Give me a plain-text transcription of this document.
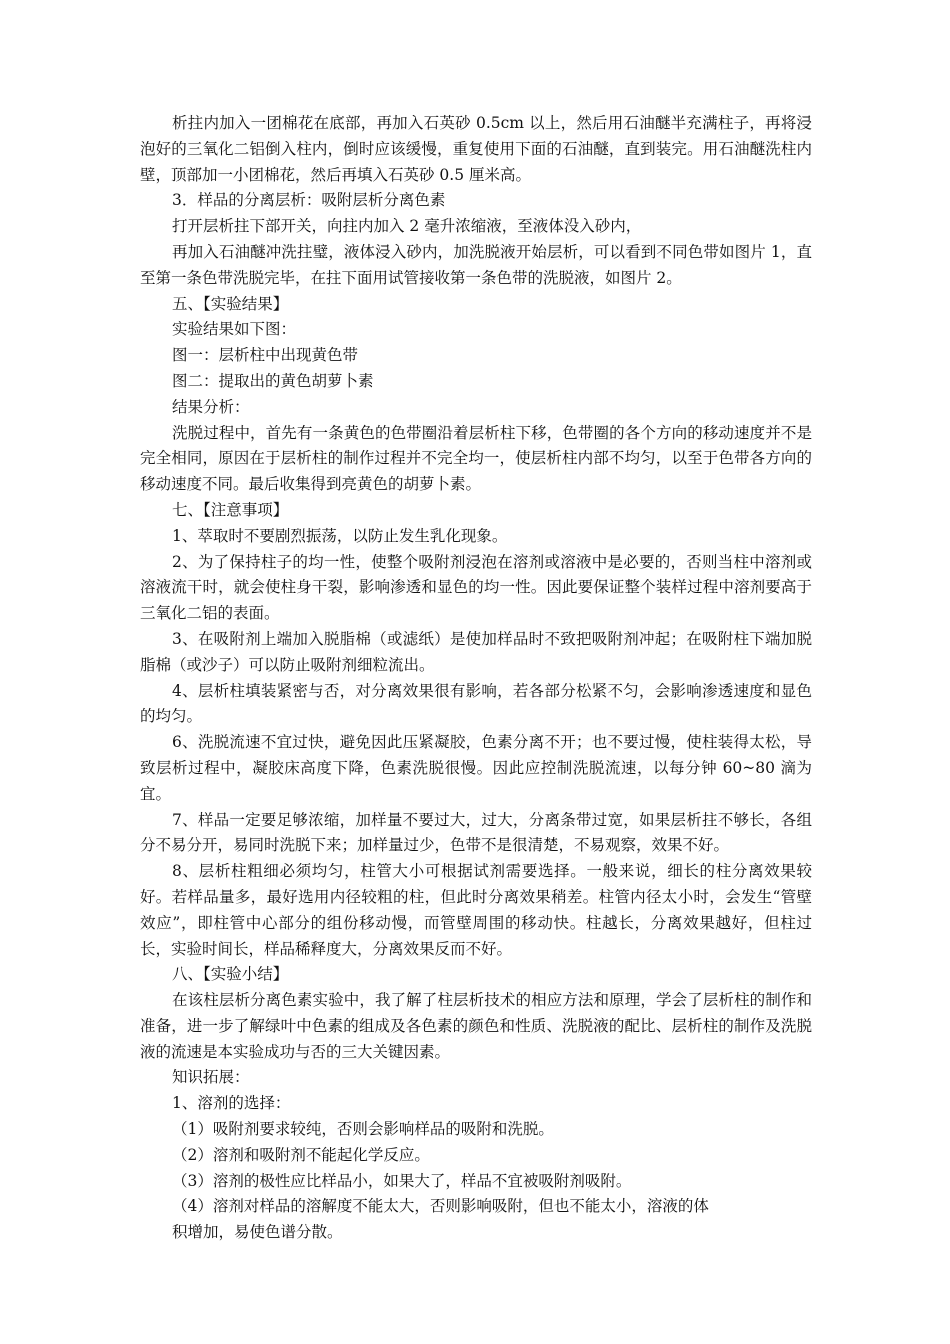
析拄内加入一团棉花在底部，再加入石英砂 0.5cm 以上，然后用石油醚半充满柱子，再将浸泡好的三氧化二铝倒入柱内，倒时应该缓慢，重复使用下面的石油醚，直到装完。用石油醚洗柱内壁，顶部加一小团棉花，然后再填入石英砂 0.5 厘米高。

3．样品的分离层析：吸附层析分离色素

打开层析拄下部开关，向拄内加入 2 毫升浓缩液，至液体没入砂内，

再加入石油醚冲洗拄璧，液体浸入砂内，加洗脱液开始层析，可以看到不同色带如图片 1，直至第一条色带洗脱完毕，在拄下面用试管接收第一条色带的洗脱液，如图片 2。

五、【实验结果】

实验结果如下图：

图一：层析柱中出现黄色带

图二：提取出的黄色胡萝卜素

结果分析：

洗脱过程中，首先有一条黄色的色带圈沿着层析柱下移，色带圈的各个方向的移动速度并不是完全相同，原因在于层析柱的制作过程并不完全均一，使层析柱内部不均匀，以至于色带各方向的移动速度不同。最后收集得到亮黄色的胡萝卜素。

七、【注意事项】

1、萃取时不要剧烈振荡，以防止发生乳化现象。

2、为了保持柱子的均一性，使整个吸附剂浸泡在溶剂或溶液中是必要的，否则当柱中溶剂或溶液流干时，就会使柱身干裂，影响渗透和显色的均一性。因此要保证整个装样过程中溶剂要高于三氧化二铝的表面。

3、在吸附剂上端加入脱脂棉（或滤纸）是使加样品时不致把吸附剂冲起；在吸附柱下端加脱脂棉（或沙子）可以防止吸附剂细粒流出。

4、层析柱填装紧密与否，对分离效果很有影响，若各部分松紧不匀，会影响渗透速度和显色的均匀。

6、洗脱流速不宜过快，避免因此压紧凝胶，色素分离不开；也不要过慢，使柱装得太松，导致层析过程中，凝胶床高度下降，色素洗脱很慢。因此应控制洗脱流速，以每分钟 60~80 滴为宜。

7、样品一定要足够浓缩，加样量不要过大，过大，分离条带过宽，如果层析拄不够长，各组分不易分开，易同时洗脱下来；加样量过少，色带不是很清楚，不易观察，效果不好。

8、层析柱粗细必须均匀，柱管大小可根据试剂需要选择。一般来说，细长的柱分离效果较好。若样品量多，最好选用内径较粗的柱，但此时分离效果稍差。柱管内径太小时，会发生“管壁效应”，即柱管中心部分的组份移动慢，而管壁周围的移动快。柱越长，分离效果越好，但柱过长，实验时间长，样品稀释度大，分离效果反而不好。

八、【实验小结】

在该柱层析分离色素实验中，我了解了柱层析技术的相应方法和原理，学会了层析柱的制作和准备，进一步了解绿叶中色素的组成及各色素的颜色和性质、洗脱液的配比、层析柱的制作及洗脱液的流速是本实验成功与否的三大关键因素。

知识拓展：

1、溶剂的选择：

（1）吸附剂要求较纯，否则会影响样品的吸附和洗脱。

（2）溶剂和吸附剂不能起化学反应。

（3）溶剂的极性应比样品小，如果大了，样品不宜被吸附剂吸附。

（4）溶剂对样品的溶解度不能太大，否则影响吸附，但也不能太小，溶液的体

积增加，易使色谱分散。
